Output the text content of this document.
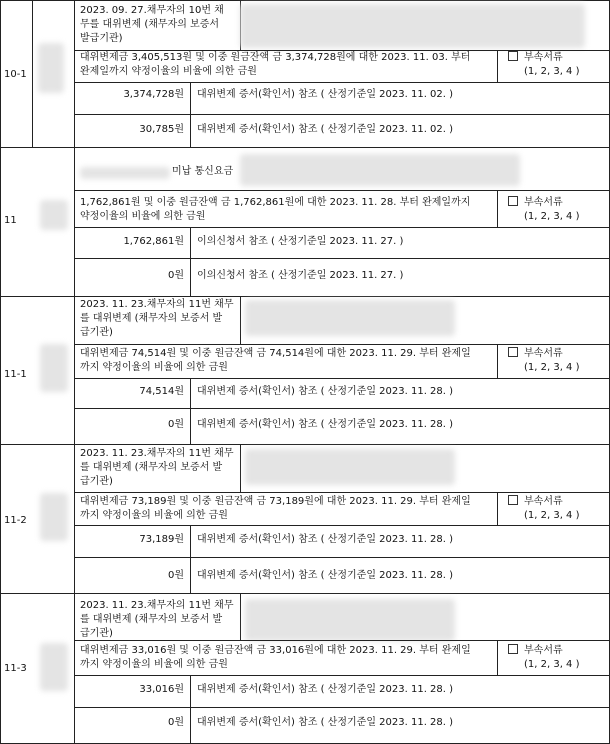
10-1
2023. 09. 27.채무자의 10번 채
무를 대위변제 (채무자의 보증서
발급기관)
대위변제금 3,405,513원 및 이중 원금잔액 금 3,374,728원에 대한 2023. 11. 03. 부터
완제일까지 약정이율의 비율에 의한 금원
부속서류
(1, 2, 3, 4 )
3,374,728원 대위변제 증서(확인서) 참조 ( 산정기준일 2023. 11. 02. )
30,785원 대위변제 증서(확인서) 참조 ( 산정기준일 2023. 11. 02. )
11
미납 통신요금
1,762,861원 및 이중 원금잔액 금 1,762,861원에 대한 2023. 11. 28. 부터 완제일까지
약정이율의 비율에 의한 금원
부속서류
(1, 2, 3, 4 )
1,762,861원 이의신청서 참조 ( 산정기준일 2023. 11. 27. )
0원 이의신청서 참조 ( 산정기준일 2023. 11. 27. )
11-1
2023. 11. 23.채무자의 11번 채무
를 대위변제 (채무자의 보증서 발
급기관)
대위변제금 74,514원 및 이중 원금잔액 금 74,514원에 대한 2023. 11. 29. 부터 완제일
까지 약정이율의 비율에 의한 금원
부속서류
(1, 2, 3, 4 )
74,514원 대위변제 증서(확인서) 참조 ( 산정기준일 2023. 11. 28. )
0원 대위변제 증서(확인서) 참조 ( 산정기준일 2023. 11. 28. )
11-2
2023. 11. 23.채무자의 11번 채무
를 대위변제 (채무자의 보증서 발
급기관)
대위변제금 73,189원 및 이중 원금잔액 금 73,189원에 대한 2023. 11. 29. 부터 완제일
까지 약정이율의 비율에 의한 금원
부속서류
(1, 2, 3, 4 )
73,189원 대위변제 증서(확인서) 참조 ( 산정기준일 2023. 11. 28. )
0원 대위변제 증서(확인서) 참조 ( 산정기준일 2023. 11. 28. )
11-3
2023. 11. 23.채무자의 11번 채무
를 대위변제 (채무자의 보증서 발
급기관)
대위변제금 33,016원 및 이중 원금잔액 금 33,016원에 대한 2023. 11. 29. 부터 완제일
까지 약정이율의 비율에 의한 금원
부속서류
(1, 2, 3, 4 )
33,016원 대위변제 증서(확인서) 참조 ( 산정기준일 2023. 11. 28. )
0원 대위변제 증서(확인서) 참조 ( 산정기준일 2023. 11. 28. )
